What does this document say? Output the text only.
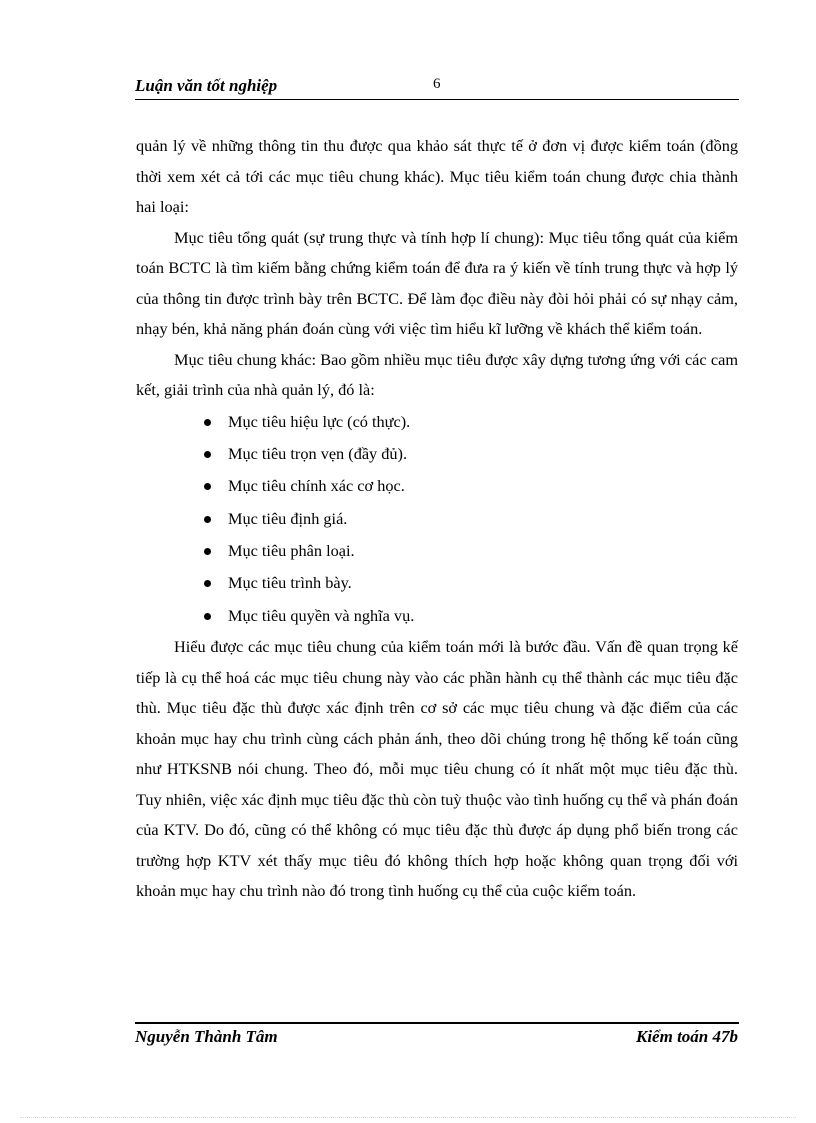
Luận văn tốt nghiệp	6

quản lý về những thông tin thu được qua khảo sát thực tế ở đơn vị được kiểm toán (đồng thời xem xét cả tới các mục tiêu chung khác). Mục tiêu kiểm toán chung được chia thành hai loại:

Mục tiêu tổng quát (sự trung thực và tính hợp lí chung): Mục tiêu tổng quát của kiểm toán BCTC là tìm kiếm bằng chứng kiểm toán để đưa ra ý kiến về tính trung thực và hợp lý của thông tin được trình bày trên BCTC. Để làm đọc điều này đòi hỏi phải có sự nhạy cảm, nhạy bén, khả năng phán đoán cùng với việc tìm hiểu kĩ lưỡng về khách thể kiểm toán.

Mục tiêu chung khác: Bao gồm nhiều mục tiêu được xây dựng tương ứng với các cam kết, giải trình của nhà quản lý, đó là:

Mục tiêu hiệu lực (có thực).
Mục tiêu trọn vẹn (đầy đủ).
Mục tiêu chính xác cơ học.
Mục tiêu định giá.
Mục tiêu phân loại.
Mục tiêu trình bày.
Mục tiêu quyền và nghĩa vụ.

Hiểu được các mục tiêu chung của kiểm toán mới là bước đầu. Vấn đề quan trọng kế tiếp là cụ thể hoá các mục tiêu chung này vào các phần hành cụ thể thành các mục tiêu đặc thù. Mục tiêu đặc thù được xác định trên cơ sở các mục tiêu chung và đặc điểm của các khoản mục hay chu trình cùng cách phản ánh, theo dõi chúng trong hệ thống kế toán cũng như HTKSNB nói chung. Theo đó, mỗi mục tiêu chung có ít nhất một mục tiêu đặc thù. Tuy nhiên, việc xác định mục tiêu đặc thù còn tuỳ thuộc vào tình huống cụ thể và phán đoán của KTV. Do đó, cũng có thể không có mục tiêu đặc thù được áp dụng phổ biến trong các trường hợp KTV xét thấy mục tiêu đó không thích hợp hoặc không quan trọng đối với khoản mục hay chu trình nào đó trong tình huống cụ thể của cuộc kiểm toán.

Nguyễn Thành Tâm	Kiểm toán 47b
